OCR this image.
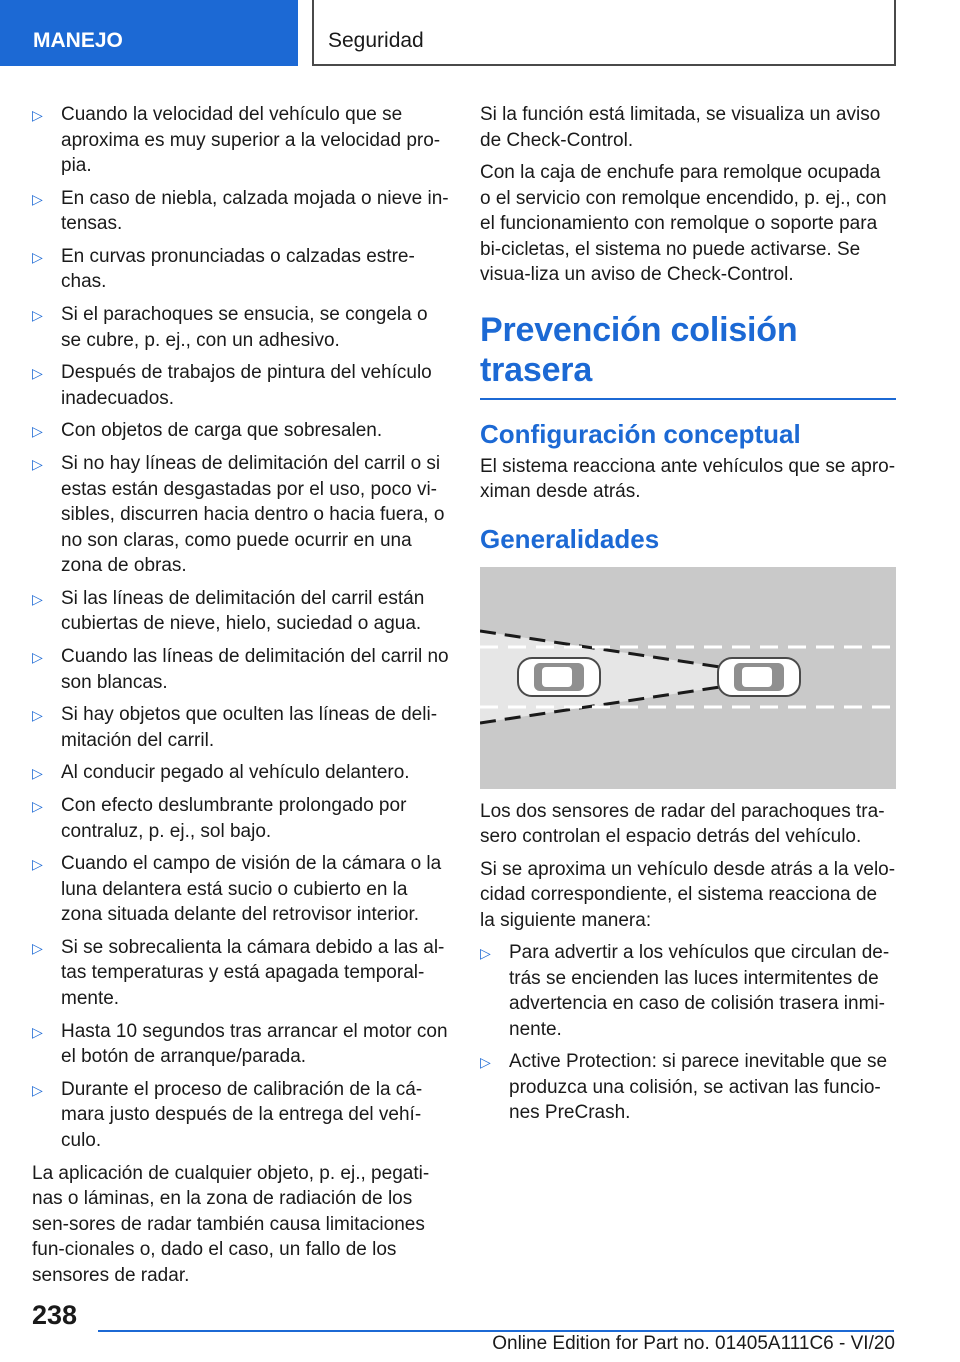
MANEJO	Seguridad
▷ Cuando la velocidad del vehículo que se aproxima es muy superior a la velocidad pro-pia.
▷ En caso de niebla, calzada mojada o nieve in-tensas.
▷ En curvas pronunciadas o calzadas estre-chas.
▷ Si el parachoques se ensucia, se congela o se cubre, p. ej., con un adhesivo.
▷ Después de trabajos de pintura del vehículo inadecuados.
▷ Con objetos de carga que sobresalen.
▷ Si no hay líneas de delimitación del carril o si estas están desgastadas por el uso, poco vi-sibles, discurren hacia dentro o hacia fuera, o no son claras, como puede ocurrir en una zona de obras.
▷ Si las líneas de delimitación del carril están cubiertas de nieve, hielo, suciedad o agua.
▷ Cuando las líneas de delimitación del carril no son blancas.
▷ Si hay objetos que oculten las líneas de deli-mitación del carril.
▷ Al conducir pegado al vehículo delantero.
▷ Con efecto deslumbrante prolongado por contraluz, p. ej., sol bajo.
▷ Cuando el campo de visión de la cámara o la luna delantera está sucio o cubierto en la zona situada delante del retrovisor interior.
▷ Si se sobrecalienta la cámara debido a las al-tas temperaturas y está apagada temporal-mente.
▷ Hasta 10 segundos tras arrancar el motor con el botón de arranque/parada.
▷ Durante el proceso de calibración de la cá-mara justo después de la entrega del vehí-culo.

La aplicación de cualquier objeto, p. ej., pegati-nas o láminas, en la zona de radiación de los sen-sores de radar también causa limitaciones fun-cionales o, dado el caso, un fallo de los sensores de radar.

Si la función está limitada, se visualiza un aviso de Check-Control.

Con la caja de enchufe para remolque ocupada o el servicio con remolque encendido, p. ej., con el funcionamiento con remolque o soporte para bi-cicletas, el sistema no puede activarse. Se visua-liza un aviso de Check-Control.

Prevención colisión trasera
Configuración conceptual

El sistema reacciona ante vehículos que se apro-ximan desde atrás.

Generalidades

Los dos sensores de radar del parachoques tra-sero controlan el espacio detrás del vehículo.

Si se aproxima un vehículo desde atrás a la velo-cidad correspondiente, el sistema reacciona de la siguiente manera:

▷ Para advertir a los vehículos que circulan de-trás se encienden las luces intermitentes de advertencia en caso de colisión trasera inmi-nente.
▷ Active Protection: si parece inevitable que se produzca una colisión, se activan las funcio-nes PreCrash.
238
Online Edition for Part no. 01405A111C6 - VI/20
